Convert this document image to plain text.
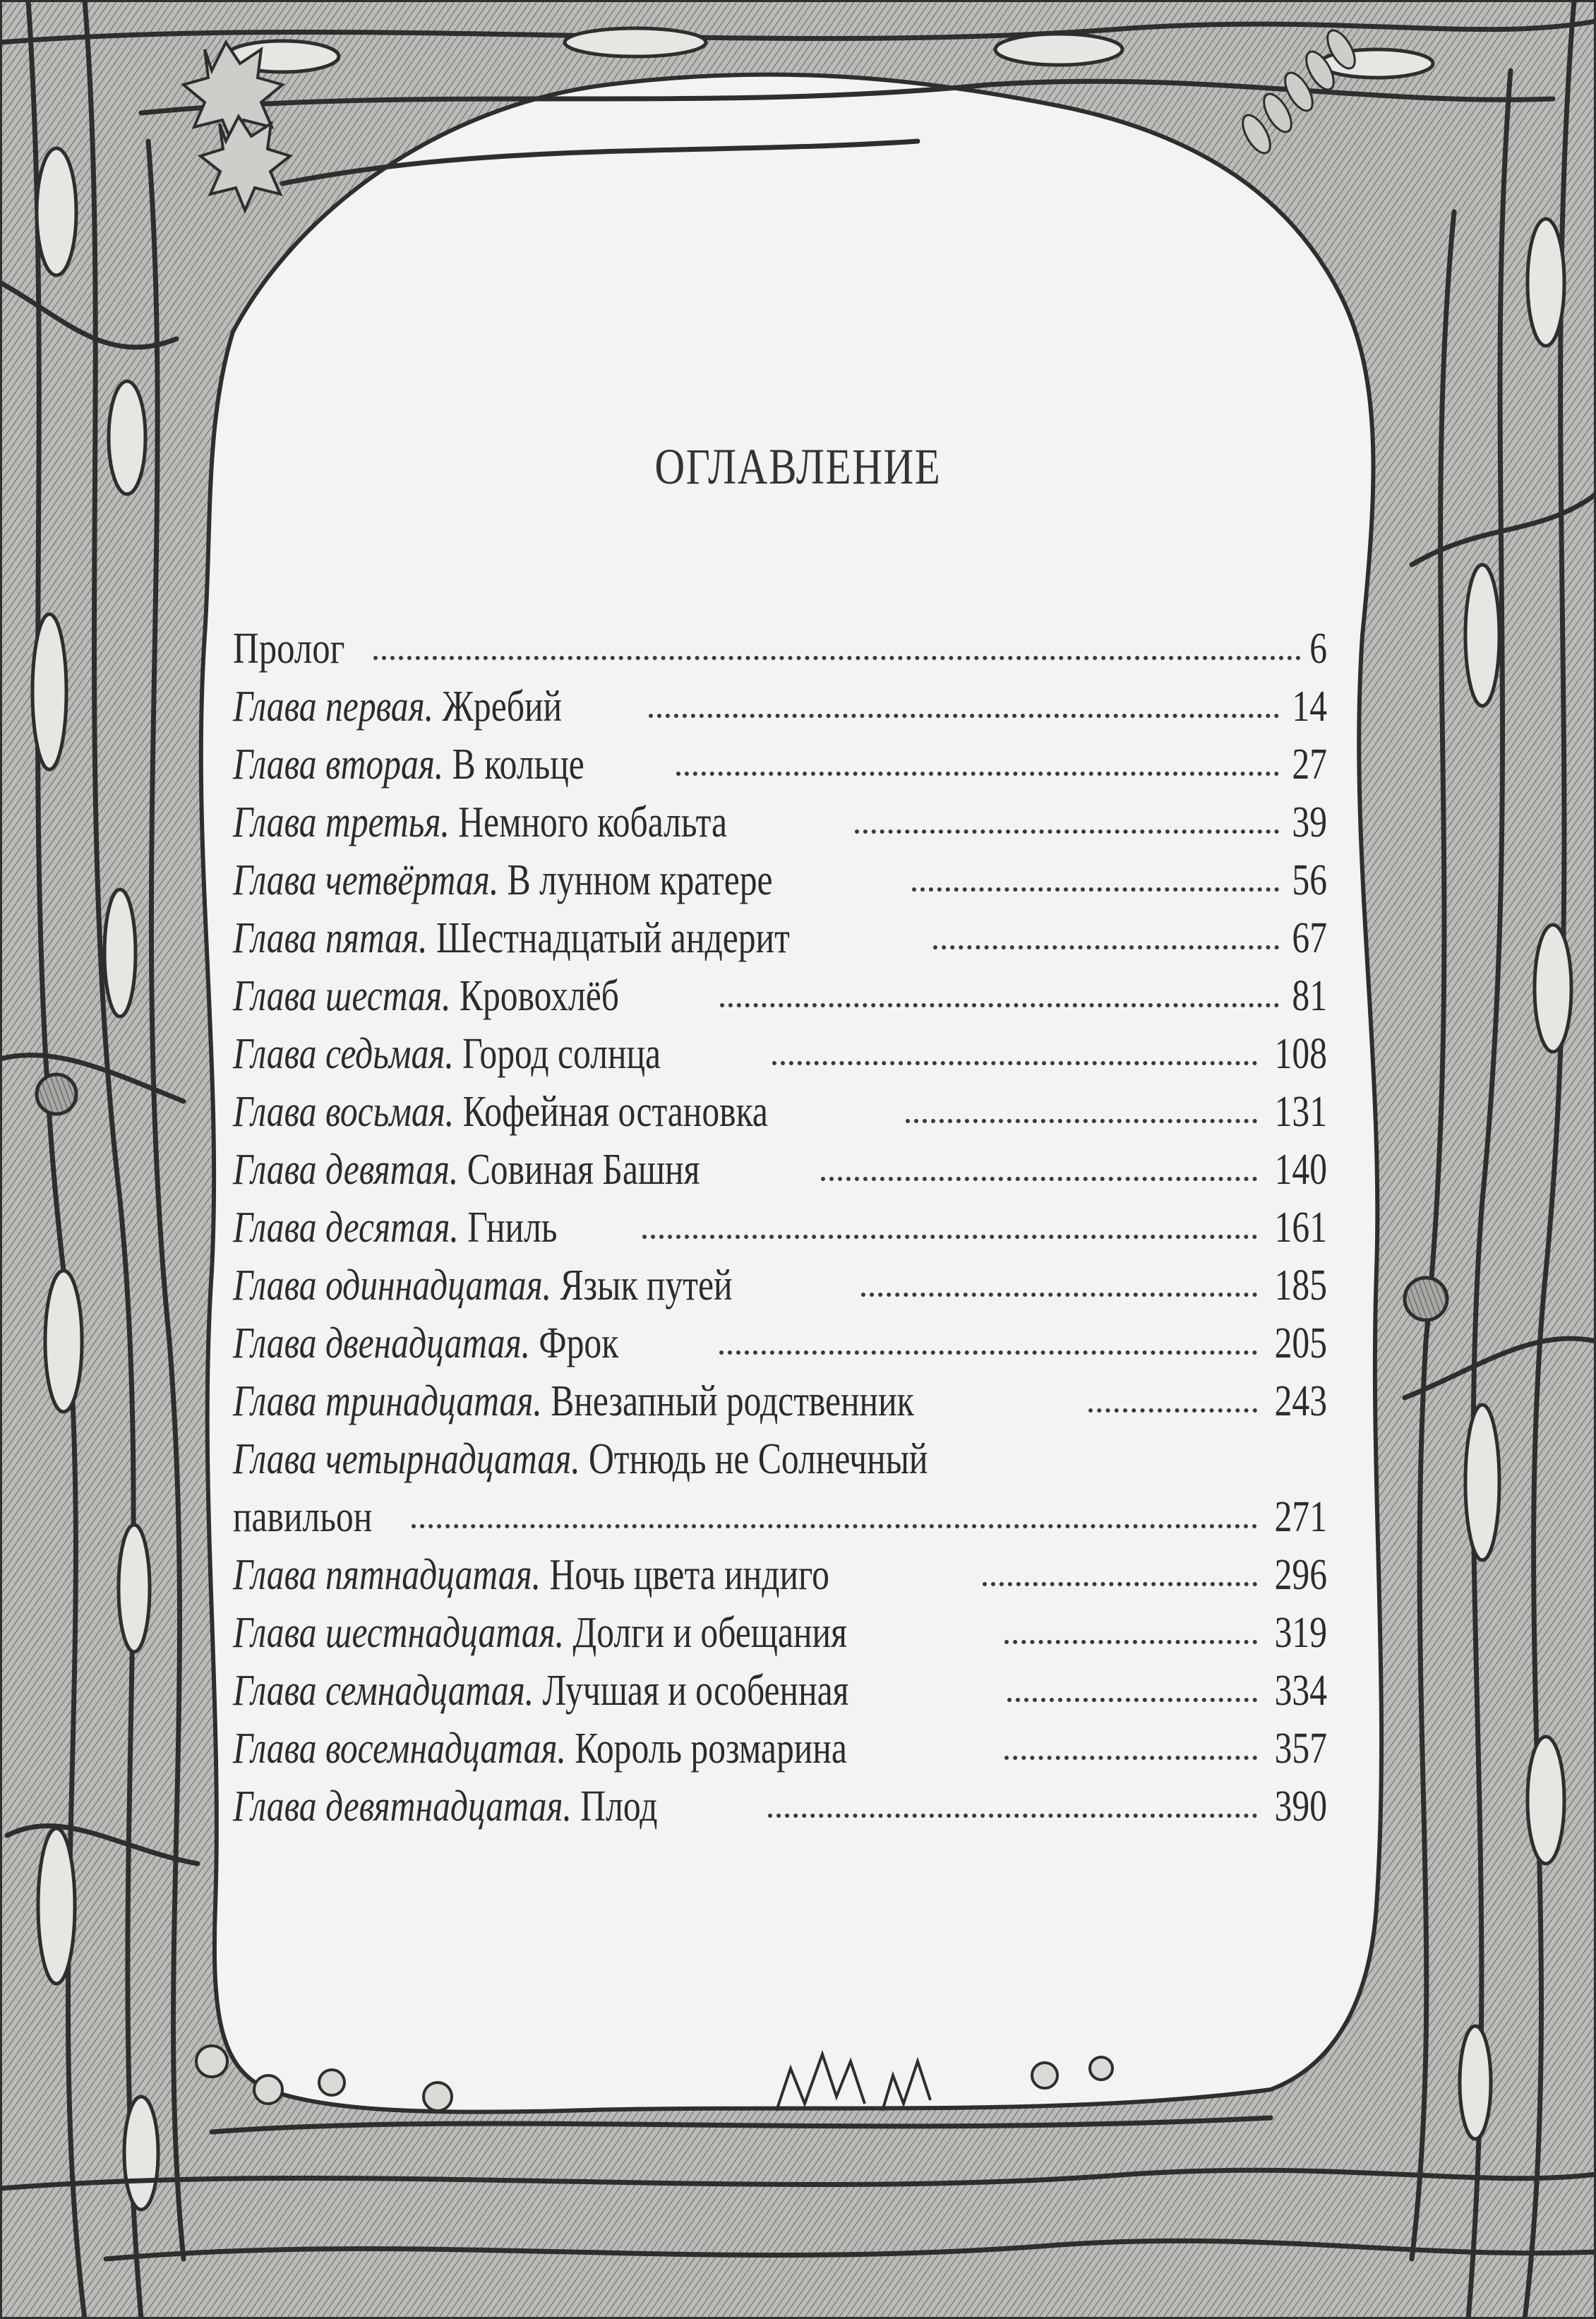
ОГЛАВЛЕНИЕ
Пролог	6
Глава первая. Жребий	14
Глава вторая. В кольце	27
Глава третья. Немного кобальта	39
Глава четвёртая. В лунном кратере	56
Глава пятая. Шестнадцатый андерит	67
Глава шестая. Кровохлёб	81
Глава седьмая. Город солнца	108
Глава восьмая. Кофейная остановка	131
Глава девятая. Совиная Башня	140
Глава десятая. Гниль	161
Глава одиннадцатая. Язык путей	185
Глава двенадцатая. Фрок	205
Глава тринадцатая. Внезапный родственник	243
Глава четырнадцатая. Отнюдь не Солнечный
павильон	271
Глава пятнадцатая. Ночь цвета индиго	296
Глава шестнадцатая. Долги и обещания	319
Глава семнадцатая. Лучшая и особенная	334
Глава восемнадцатая. Король розмарина	357
Глава девятнадцатая. Плод	390
